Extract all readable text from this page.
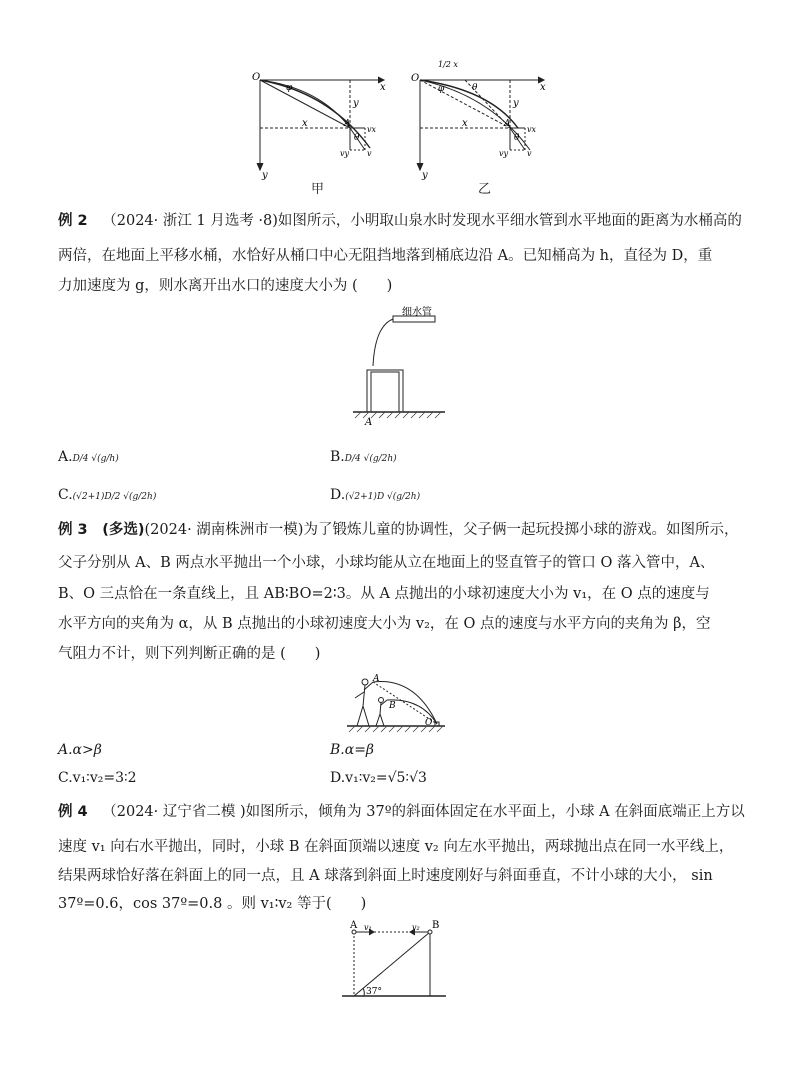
O
x
y
φ
x
y
A
θ
vx
vy v
甲
O
x
y
1/2 x
φ	θ
x
y
A
θ
vx
vy v
乙
例 2 （2024· 浙江 1 月选考 ·8)如图所示，小明取山泉水时发现水平细水管到水平地面的距离为水桶高的
两倍，在地面上平移水桶，水恰好从桶口中心无阻挡地落到桶底边沿 A。已知桶高为 h，直径为 D，重
力加速度为 g，则水离开出水口的速度大小为 (　　)
细水管
A
A.D/4 √(g/h)	B.D/4 √(g/2h)
C.(√2+1)D/2 √(g/2h)	D.(√2+1)D √(g/2h)
例 3 (多选)(2024· 湖南株洲市一模)为了锻炼儿童的协调性，父子俩一起玩投掷小球的游戏。如图所示，
父子分别从 A、B 两点水平抛出一个小球，小球均能从立在地面上的竖直管子的管口 O 落入管中，A、
B、O 三点恰在一条直线上，且 AB∶BO=2∶3。从 A 点抛出的小球初速度大小为 v₁，在 O 点的速度与
水平方向的夹角为 α，从 B 点抛出的小球初速度大小为 v₂，在 O 点的速度与水平方向的夹角为 β，空
气阻力不计，则下列判断正确的是 (　　)
A
B
O
A.α>β	B.α=β
C.v₁∶v₂=3∶2	D.v₁∶v₂=√5∶√3
例 4 （2024· 辽宁省二模 )如图所示，倾角为 37º的斜面体固定在水平面上，小球 A 在斜面底端正上方以
速度 v₁ 向右水平抛出，同时，小球 B 在斜面顶端以速度 v₂ 向左水平抛出，两球抛出点在同一水平线上，
结果两球恰好落在斜面上的同一点，且 A 球落到斜面上时速度刚好与斜面垂直，不计小球的大小， sin
37º=0.6，cos 37º=0.8 。则 v₁∶v₂ 等于(　　)
A	B
v₁	v₂
37°
